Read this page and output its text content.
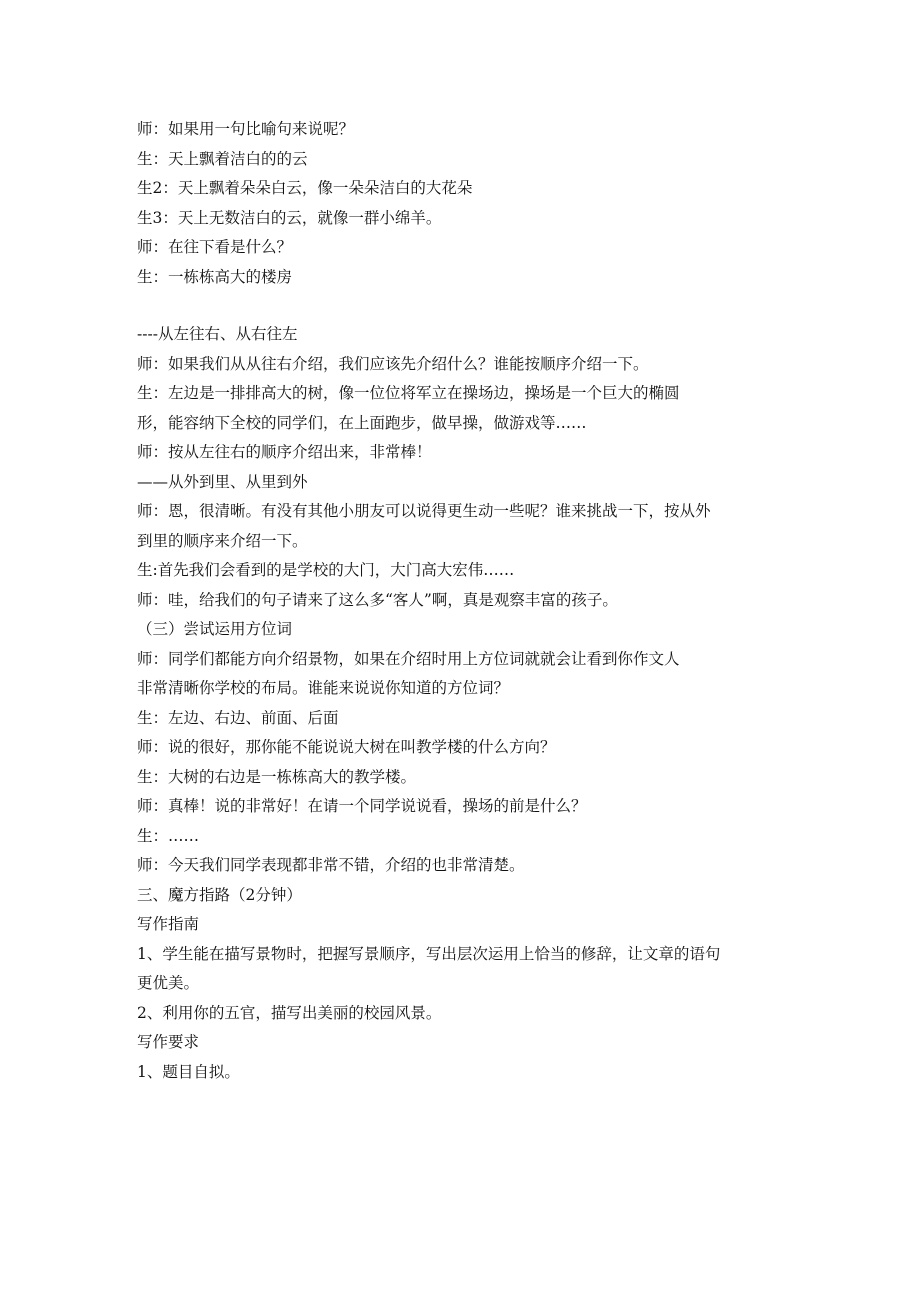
师：如果用一句比喻句来说呢？
生：天上飘着洁白的的云
生2：天上飘着朵朵白云，像一朵朵洁白的大花朵
生3：天上无数洁白的云，就像一群小绵羊。
师：在往下看是什么？
生：一栋栋高大的楼房
----从左往右、从右往左
师：如果我们从从往右介绍，我们应该先介绍什么？谁能按顺序介绍一下。
生：左边是一排排高大的树，像一位位将军立在操场边，操场是一个巨大的椭圆
形，能容纳下全校的同学们，在上面跑步，做早操，做游戏等……
师：按从左往右的顺序介绍出来，非常棒！
——从外到里、从里到外
师：恩，很清晰。有没有其他小朋友可以说得更生动一些呢？谁来挑战一下，按从外
到里的顺序来介绍一下。
生:首先我们会看到的是学校的大门，大门高大宏伟……
师：哇，给我们的句子请来了这么多“客人”啊，真是观察丰富的孩子。
（三）尝试运用方位词
师：同学们都能方向介绍景物，如果在介绍时用上方位词就就会让看到你作文人
非常清晰你学校的布局。谁能来说说你知道的方位词？
生：左边、右边、前面、后面
师：说的很好，那你能不能说说大树在叫教学楼的什么方向？
生：大树的右边是一栋栋高大的教学楼。
师：真棒！说的非常好！在请一个同学说说看，操场的前是什么？
生：……
师：今天我们同学表现都非常不错，介绍的也非常清楚。
三、魔方指路（2分钟）
写作指南
1、学生能在描写景物时，把握写景顺序，写出层次运用上恰当的修辞，让文章的语句
更优美。
2、利用你的五官，描写出美丽的校园风景。
写作要求
1、题目自拟。
